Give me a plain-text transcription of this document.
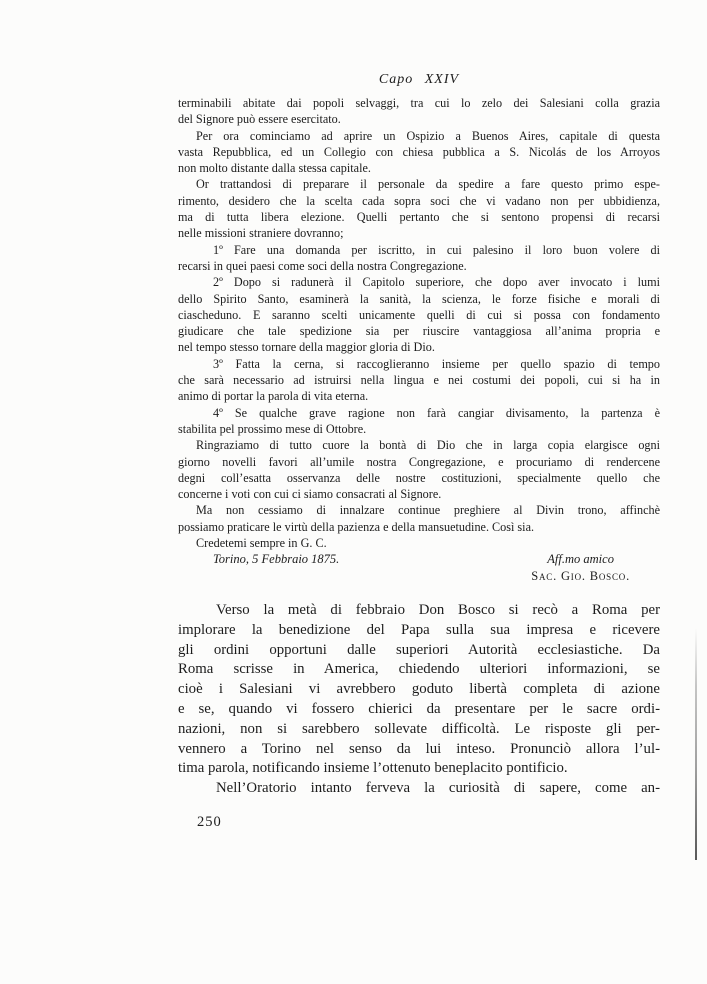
Capo XXIV
terminabili abitate dai popoli selvaggi, tra cui lo zelo dei Salesiani colla grazia
del Signore può essere esercitato.
Per ora cominciamo ad aprire un Ospizio a Buenos Aires, capitale di questa
vasta Repubblica, ed un Collegio con chiesa pubblica a S. Nicolás de los Arroyos
non molto distante dalla stessa capitale.
Or trattandosi di preparare il personale da spedire a fare questo primo espe-
rimento, desidero che la scelta cada sopra soci che vi vadano non per ubbidienza,
ma di tutta libera elezione. Quelli pertanto che si sentono propensi di recarsi
nelle missioni straniere dovranno;
1º Fare una domanda per iscritto, in cui palesino il loro buon volere di
recarsi in quei paesi come soci della nostra Congregazione.
2º Dopo si radunerà il Capitolo superiore, che dopo aver invocato i lumi
dello Spirito Santo, esaminerà la sanità, la scienza, le forze fisiche e morali di
ciascheduno. E saranno scelti unicamente quelli di cui si possa con fondamento
giudicare che tale spedizione sia per riuscire vantaggiosa all’anima propria e
nel tempo stesso tornare della maggior gloria di Dio.
3º Fatta la cerna, si raccoglieranno insieme per quello spazio di tempo
che sarà necessario ad istruirsi nella lingua e nei costumi dei popoli, cui si ha in
animo di portar la parola di vita eterna.
4º Se qualche grave ragione non farà cangiar divisamento, la partenza è
stabilita pel prossimo mese di Ottobre.
Ringraziamo di tutto cuore la bontà di Dio che in larga copia elargisce ogni
giorno novelli favori all’umile nostra Congregazione, e procuriamo di rendercene
degni coll’esatta osservanza delle nostre costituzioni, specialmente quello che
concerne i voti con cui ci siamo consacrati al Signore.
Ma non cessiamo di innalzare continue preghiere al Divin trono, affinchè
possiamo praticare le virtù della pazienza e della mansuetudine. Così sia.
Credetemi sempre in G. C.
Torino, 5 Febbraio 1875.	Aff.mo amico
Sac. Gio. Bosco.
Verso la metà di febbraio Don Bosco si recò a Roma per
implorare la benedizione del Papa sulla sua impresa e ricevere
gli ordini opportuni dalle superiori Autorità ecclesiastiche. Da
Roma scrisse in America, chiedendo ulteriori informazioni, se
cioè i Salesiani vi avrebbero goduto libertà completa di azione
e se, quando vi fossero chierici da presentare per le sacre ordi-
nazioni, non si sarebbero sollevate difficoltà. Le risposte gli per-
vennero a Torino nel senso da lui inteso. Pronunciò allora l’ul-
tima parola, notificando insieme l’ottenuto beneplacito pontificio.
Nell’Oratorio intanto ferveva la curiosità di sapere, come an-
250
